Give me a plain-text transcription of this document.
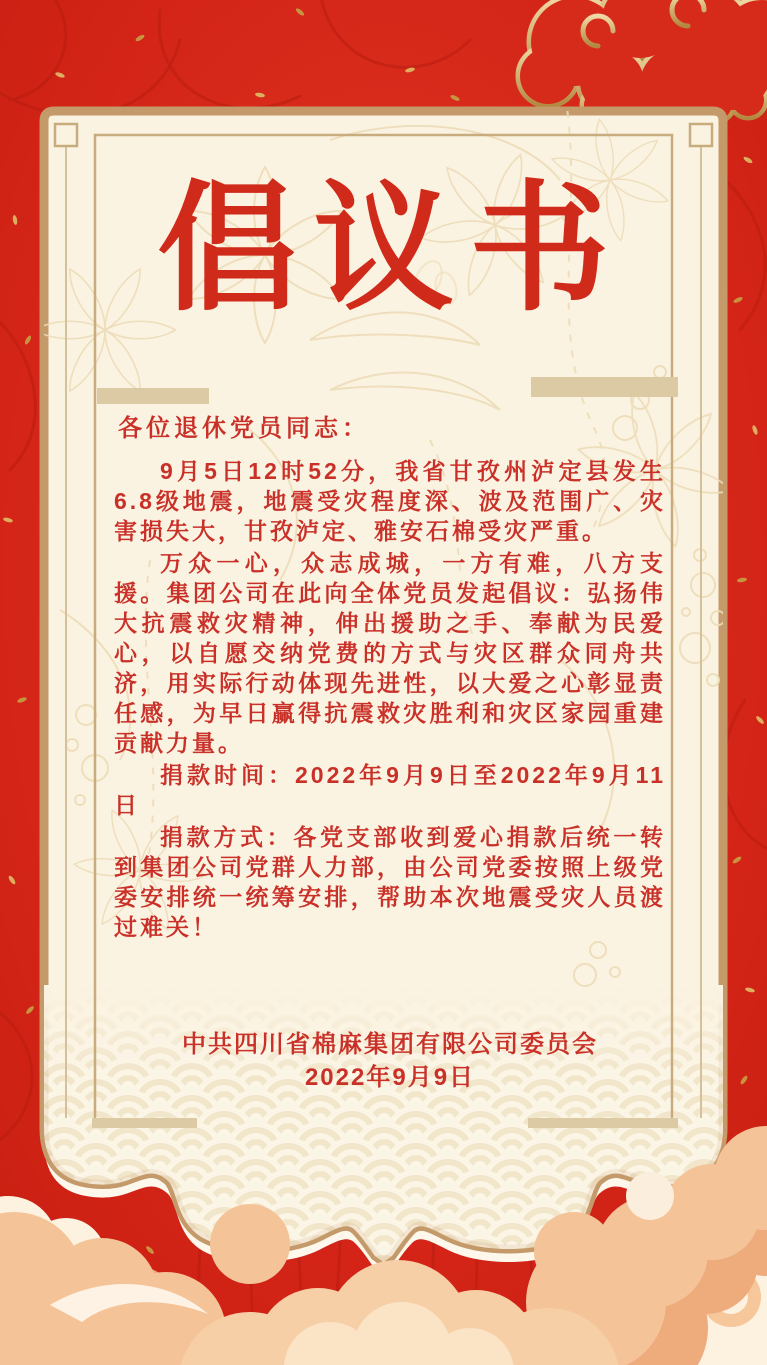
倡议书

各位退休党员同志：

9月5日12时52分，我省甘孜州泸定县发生6.8级地震，地震受灾程度深、波及范围广、灾害损失大，甘孜泸定、雅安石棉受灾严重。

万众一心，众志成城，一方有难，八方支援。集团公司在此向全体党员发起倡议：弘扬伟大抗震救灾精神，伸出援助之手、奉献为民爱心，以自愿交纳党费的方式与灾区群众同舟共济，用实际行动体现先进性，以大爱之心彰显责任感，为早日赢得抗震救灾胜利和灾区家园重建贡献力量。

捐款时间：2022年9月9日至2022年9月11日

捐款方式：各党支部收到爱心捐款后统一转到集团公司党群人力部，由公司党委按照上级党委安排统一统筹安排，帮助本次地震受灾人员渡过难关！

中共四川省棉麻集团有限公司委员会

2022年9月9日
